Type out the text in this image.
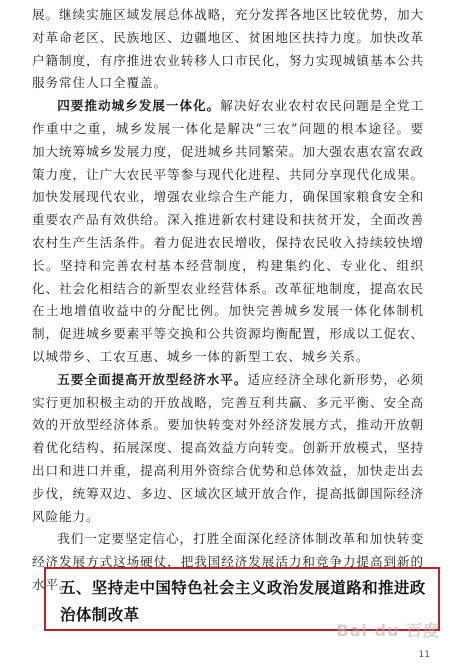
展。继续实施区域发展总体战略，充分发挥各地区比较优势，加大对革命老区、民族地区、边疆地区、贫困地区扶持力度。加快改革户籍制度，有序推进农业转移人口市民化，努力实现城镇基本公共服务常住人口全覆盖。

四要推动城乡发展一体化。解决好农业农村农民问题是全党工作重中之重，城乡发展一体化是解决“三农”问题的根本途径。要加大统筹城乡发展力度，促进城乡共同繁荣。加大强农惠农富农政策力度，让广大农民平等参与现代化进程、共同分享现代化成果。加快发展现代农业，增强农业综合生产能力，确保国家粮食安全和重要农产品有效供给。深入推进新农村建设和扶贫开发，全面改善农村生产生活条件。着力促进农民增收，保持农民收入持续较快增长。坚持和完善农村基本经营制度，构建集约化、专业化、组织化、社会化相结合的新型农业经营体系。改革征地制度，提高农民在土地增值收益中的分配比例。加快完善城乡发展一体化体制机制，促进城乡要素平等交换和公共资源均衡配置，形成以工促农、以城带乡、工农互惠、城乡一体的新型工农、城乡关系。

五要全面提高开放型经济水平。适应经济全球化新形势，必须实行更加积极主动的开放战略，完善互利共赢、多元平衡、安全高效的开放型经济体系。要加快转变对外经济发展方式，推动开放朝着优化结构、拓展深度、提高效益方向转变。创新开放模式，坚持出口和进口并重，提高利用外资综合优势和总体效益，加快走出去步伐，统筹双边、多边、区域次区域开放合作，提高抵御国际经济风险能力。

我们一定要坚定信心，打胜全面深化经济体制改革和加快转变经济发展方式这场硬仗，把我国经济发展活力和竞争力提高到新的水平。

五、坚持走中国特色社会主义政治发展道路和推进政治体制改革
Bai du 百度
11
